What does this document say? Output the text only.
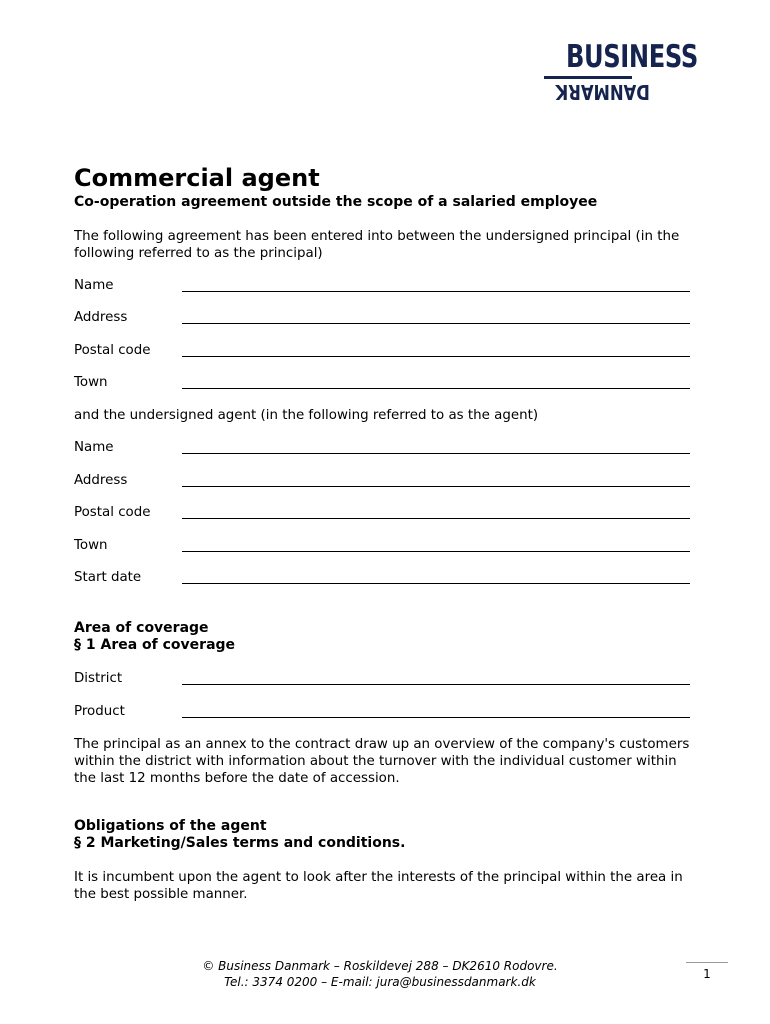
BUSINESS
DANMARK
Commercial agent
Co-operation agreement outside the scope of a salaried employee
The following agreement has been entered into between the undersigned principal (in the following referred to as the principal)
Name
Address
Postal code
Town
and the undersigned agent (in the following referred to as the agent)
Name
Address
Postal code
Town
Start date
Area of coverage
§ 1 Area of coverage
District
Product
The principal as an annex to the contract draw up an overview of the company's customers within the district with information about the turnover with the individual customer within the last 12 months before the date of accession.
Obligations of the agent
§ 2 Marketing/Sales terms and conditions.
It is incumbent upon the agent to look after the interests of the principal within the area in the best possible manner.
© Business Danmark – Roskildevej 288 – DK2610 Rodovre.
Tel.: 3374 0200 – E-mail: jura@businessdanmark.dk
1
